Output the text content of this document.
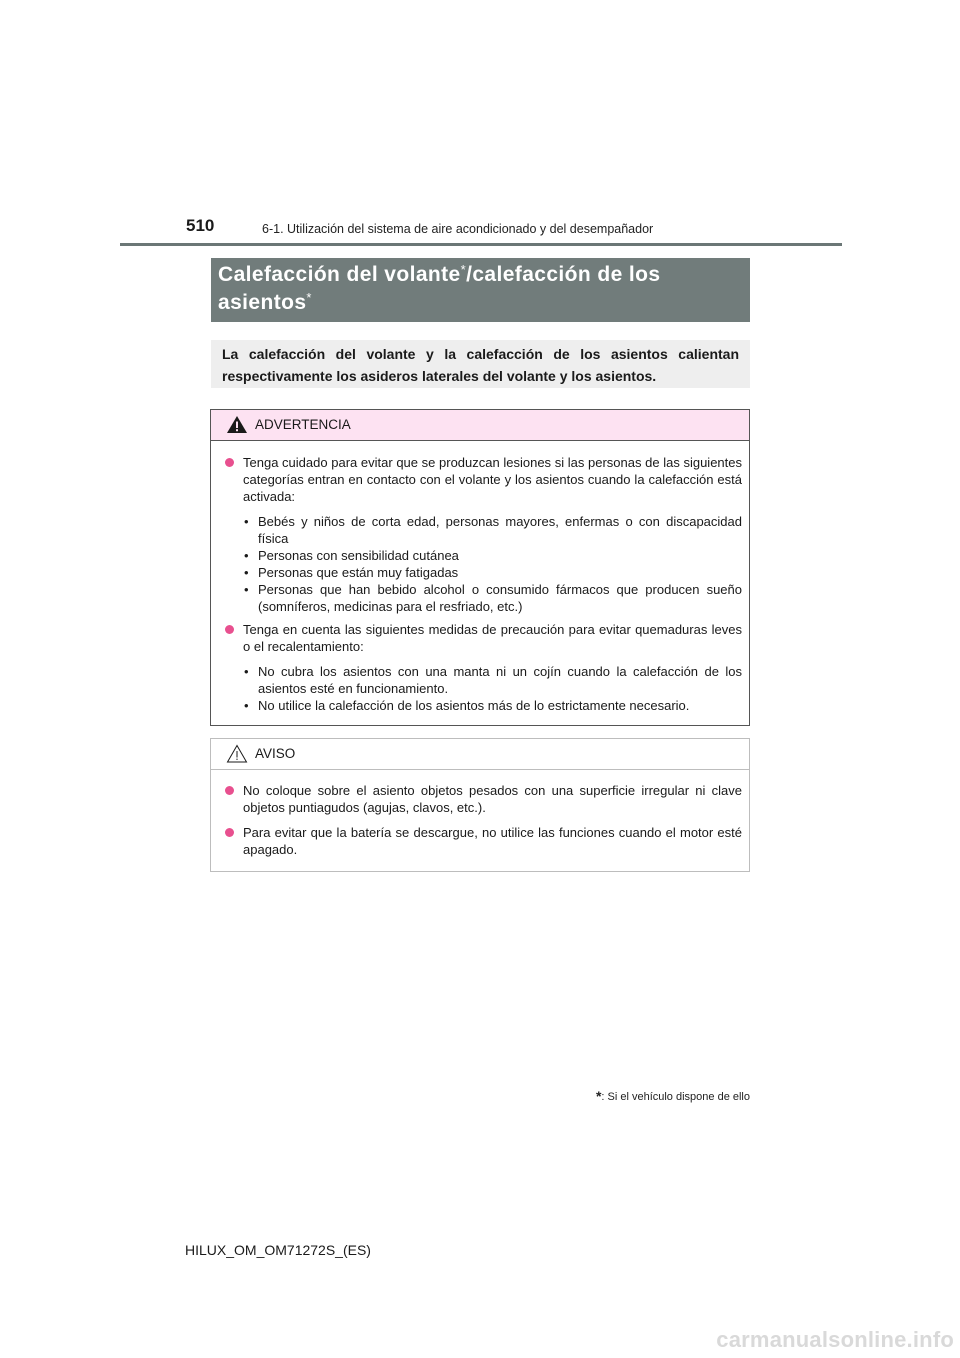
510	6-1. Utilización del sistema de aire acondicionado y del desempañador
Calefacción del volante*/calefacción de los
asientos*

La calefacción del volante y la calefacción de los asientos calientan respectivamente los asideros laterales del volante y los asientos.

ADVERTENCIA
Tenga cuidado para evitar que se produzcan lesiones si las personas de las siguientes categorías entran en contacto con el volante y los asientos cuando la calefacción está activada:
• Bebés y niños de corta edad, personas mayores, enfermas o con discapacidad física
• Personas con sensibilidad cutánea
• Personas que están muy fatigadas
• Personas que han bebido alcohol o consumido fármacos que producen sueño (somníferos, medicinas para el resfriado, etc.)
Tenga en cuenta las siguientes medidas de precaución para evitar quemaduras leves o el recalentamiento:
• No cubra los asientos con una manta ni un cojín cuando la calefacción de los asientos esté en funcionamiento.
• No utilice la calefacción de los asientos más de lo estrictamente necesario.
AVISO
No coloque sobre el asiento objetos pesados con una superficie irregular ni clave objetos puntiagudos (agujas, clavos, etc.).
Para evitar que la batería se descargue, no utilice las funciones cuando el motor esté apagado.
*: Si el vehículo dispone de ello
HILUX_OM_OM71272S_(ES)
carmanualsonline.info
